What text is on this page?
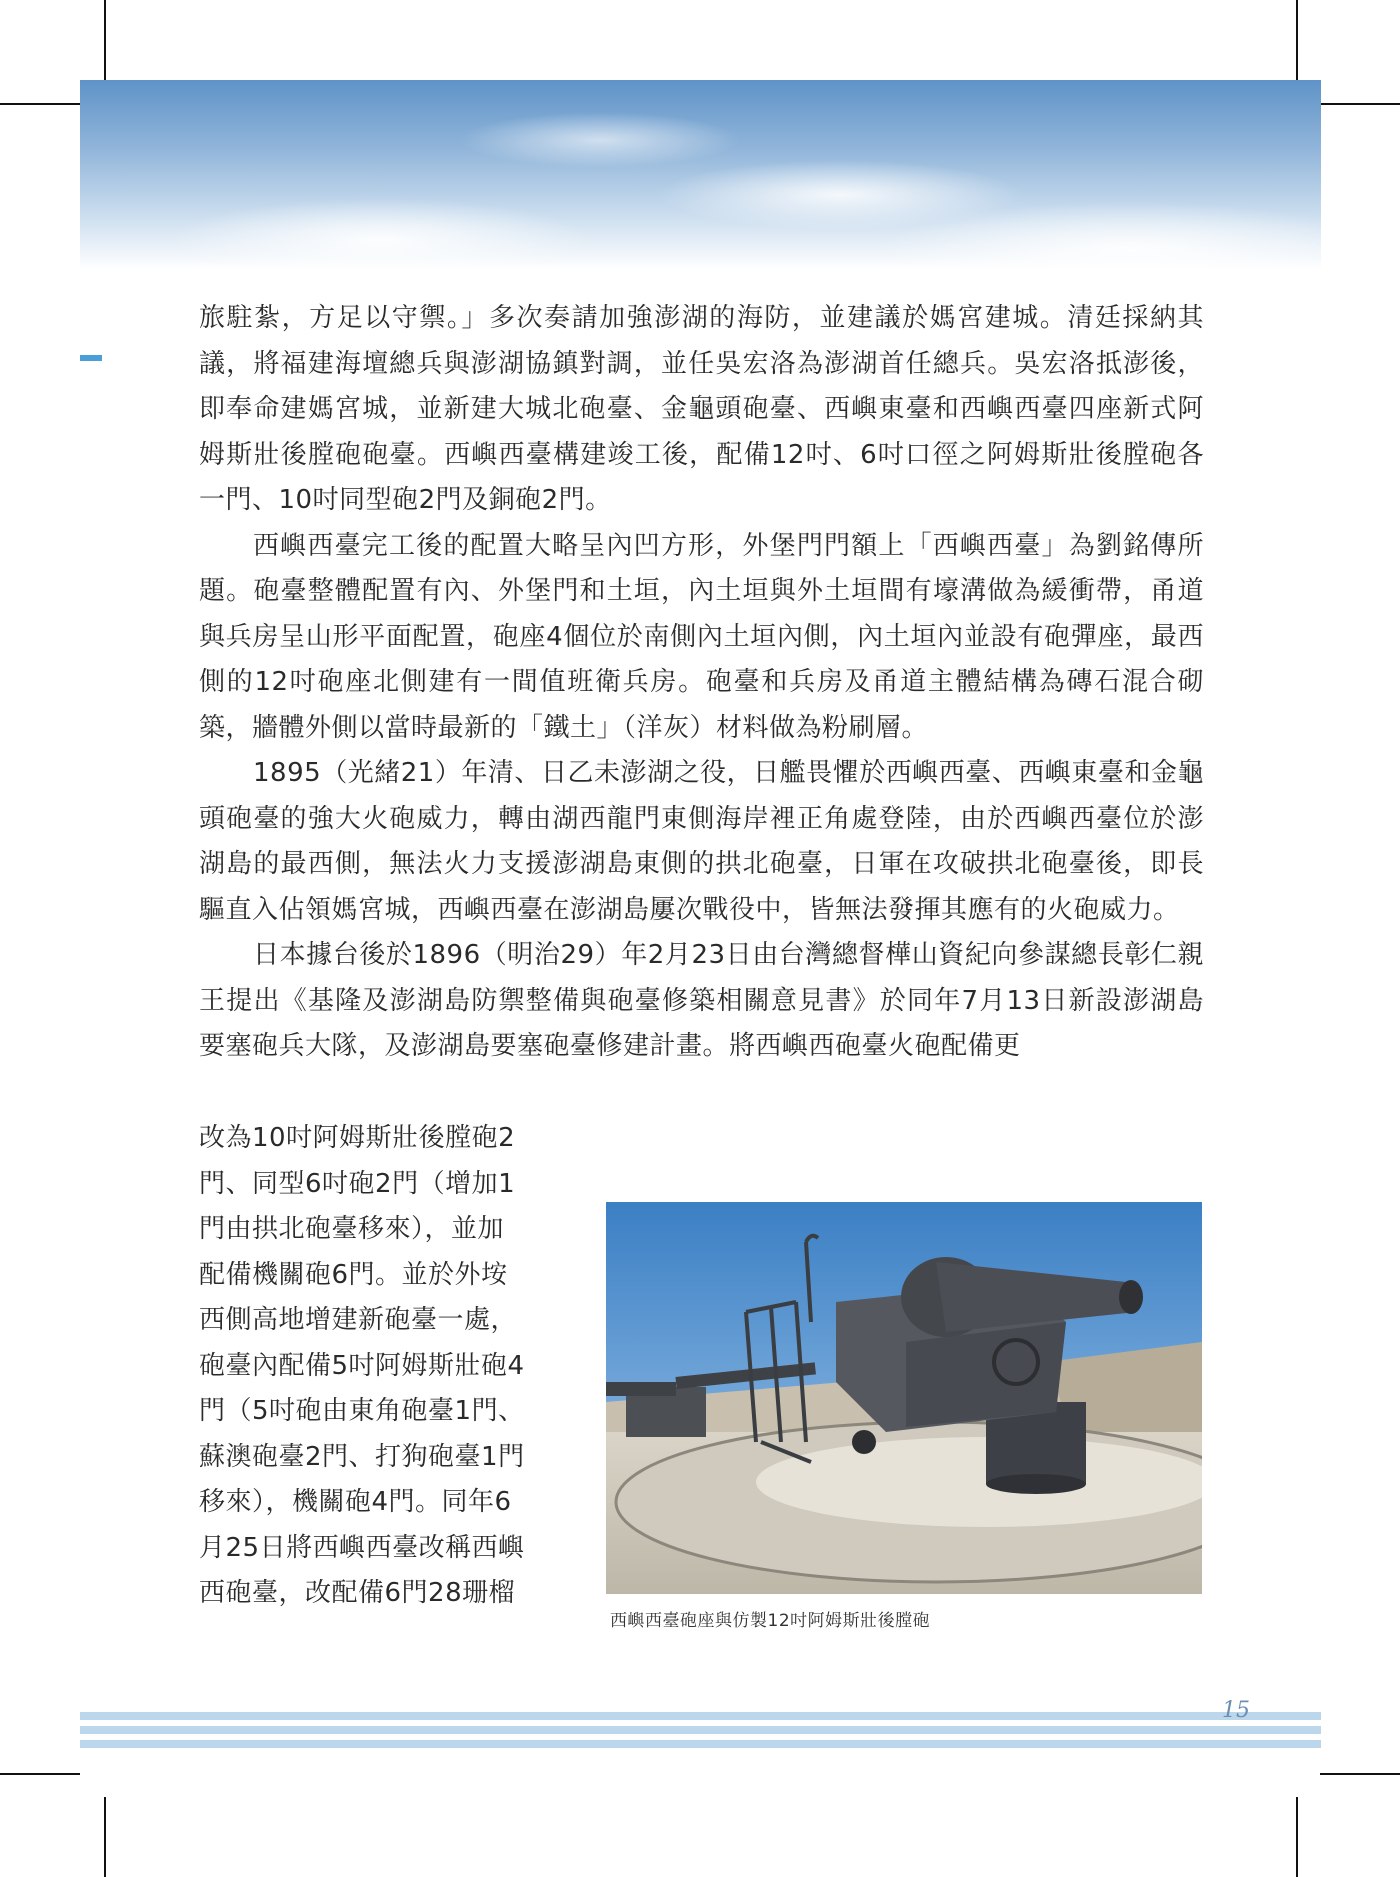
旅駐紮，方足以守禦。」多次奏請加強澎湖的海防，並建議於媽宮建城。清廷採納其議，將福建海壇總兵與澎湖協鎮對調，並任吳宏洛為澎湖首任總兵。吳宏洛抵澎後，即奉命建媽宮城，並新建大城北砲臺、金龜頭砲臺、西嶼東臺和西嶼西臺四座新式阿姆斯壯後膛砲砲臺。西嶼西臺構建竣工後，配備12吋、6吋口徑之阿姆斯壯後膛砲各一門、10吋同型砲2門及銅砲2門。

西嶼西臺完工後的配置大略呈內凹方形，外堡門門額上「西嶼西臺」為劉銘傳所題。砲臺整體配置有內、外堡門和土垣，內土垣與外土垣間有壕溝做為緩衝帶，甬道與兵房呈山形平面配置，砲座4個位於南側內土垣內側，內土垣內並設有砲彈座，最西側的12吋砲座北側建有一間值班衛兵房。砲臺和兵房及甬道主體結構為磚石混合砌築，牆體外側以當時最新的「鐵土」（洋灰）材料做為粉刷層。

1895（光緒21）年清、日乙未澎湖之役，日艦畏懼於西嶼西臺、西嶼東臺和金龜頭砲臺的強大火砲威力，轉由湖西龍門東側海岸裡正角處登陸，由於西嶼西臺位於澎湖島的最西側，無法火力支援澎湖島東側的拱北砲臺，日軍在攻破拱北砲臺後，即長驅直入佔領媽宮城，西嶼西臺在澎湖島屢次戰役中，皆無法發揮其應有的火砲威力。

日本據台後於1896（明治29）年2月23日由台灣總督樺山資紀向參謀總長彰仁親王提出《基隆及澎湖島防禦整備與砲臺修築相關意見書》於同年7月13日新設澎湖島要塞砲兵大隊，及澎湖島要塞砲臺修建計畫。將西嶼西砲臺火砲配備更

改為10吋阿姆斯壯後膛砲2
門、同型6吋砲2門（增加1
門由拱北砲臺移來），並加
配備機關砲6門。並於外垵
西側高地增建新砲臺一處，
砲臺內配備5吋阿姆斯壯砲4
門（5吋砲由東角砲臺1門、
蘇澳砲臺2門、打狗砲臺1門
移來），機關砲4門。同年6
月25日將西嶼西臺改稱西嶼
西砲臺，改配備6門28珊榴
西嶼西臺砲座與仿製12吋阿姆斯壯後膛砲
15
